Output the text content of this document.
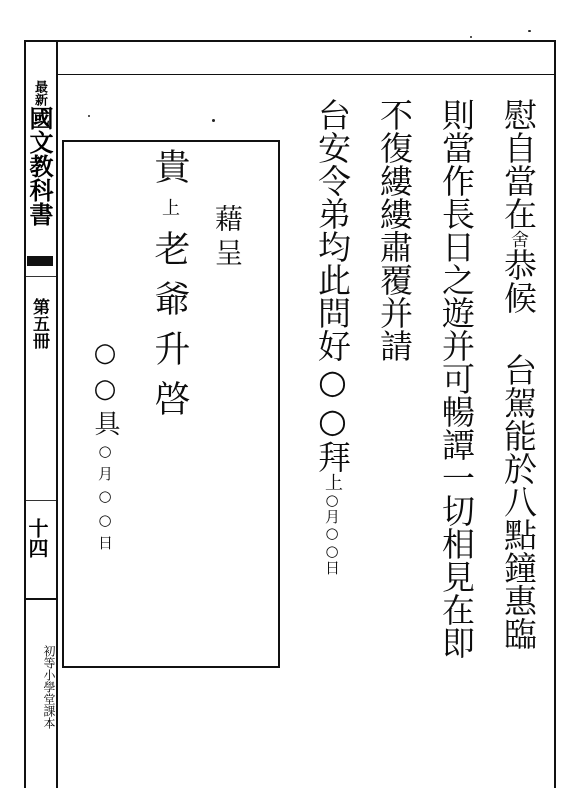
最新國文教科書
第五冊
十四
初等小學堂課本
慰自當在舍恭候 台駕能於八點鐘惠臨
則當作長日之遊并可暢譚一切相見在即
不復縷縷肅覆并請
台安令弟均此問好○○拜上○月○○日
貴上老爺升啓
藉呈
○○具○月○○日
